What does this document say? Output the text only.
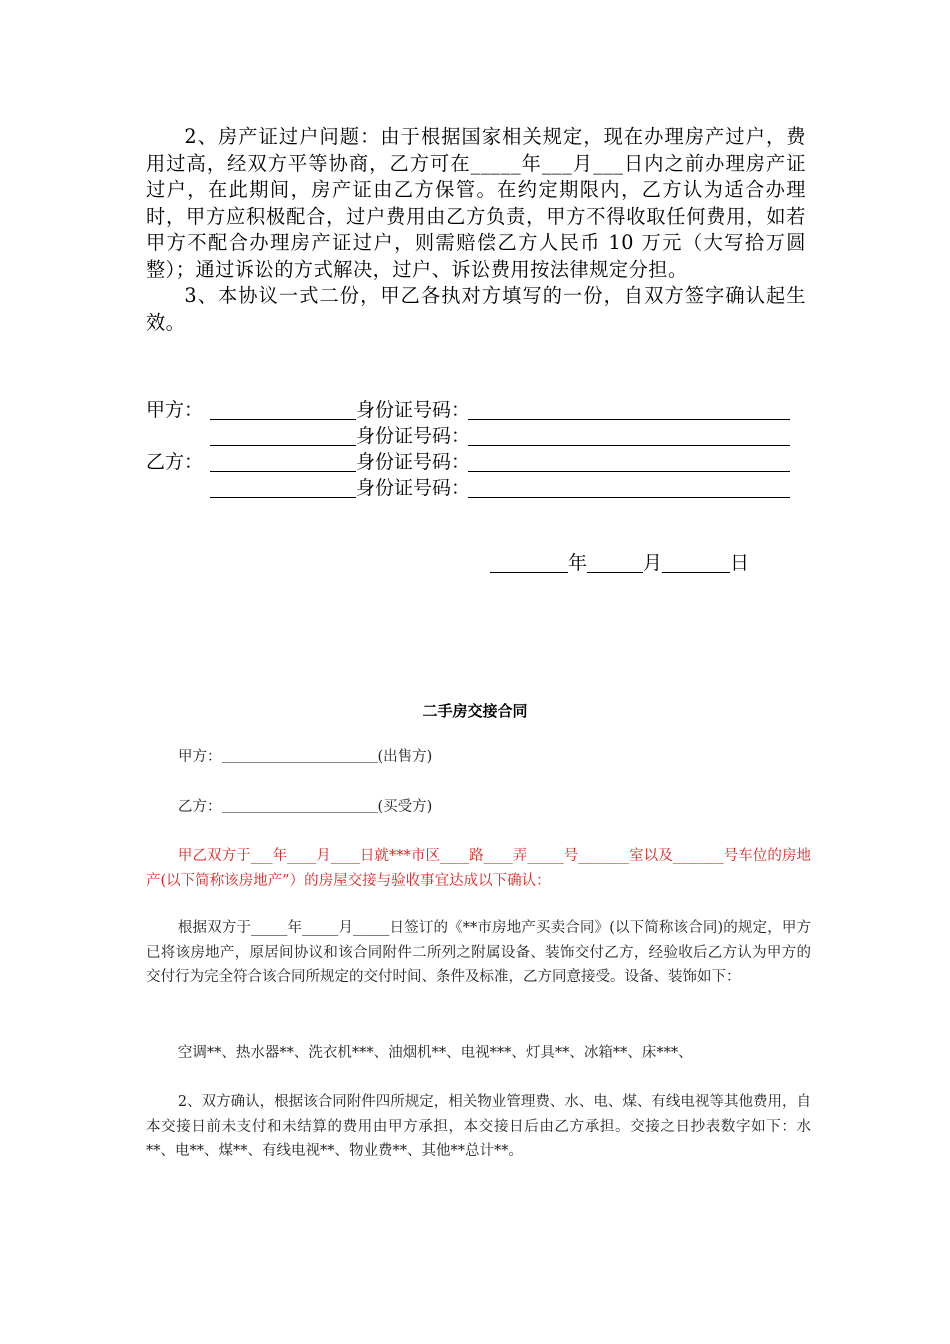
2、房产证过户问题：由于根据国家相关规定，现在办理房产过户，费用过高，经双方平等协商，乙方可在_____年___月___日内之前办理房产证过户，在此期间，房产证由乙方保管。在约定期限内，乙方认为适合办理时，甲方应积极配合，过户费用由乙方负责，甲方不得收取任何费用，如若甲方不配合办理房产证过户，则需赔偿乙方人民币 10 万元（大写拾万圆整）；通过诉讼的方式解决，过户、诉讼费用按法律规定分担。
3、本协议一式二份，甲乙各执对方填写的一份，自双方签字确认起生效。
甲方：	身份证号码：
身份证号码：
乙方：	身份证号码：
身份证号码：
年	月	日
二手房交接合同
甲方：	(出售方)
乙方：	(买受方)
甲乙双方于___年____月____日就***市区____路____弄_____号_______室以及_______号车位的房地产(以下简称该房地产”）的房屋交接与验收事宜达成以下确认：
根据双方于_____年_____月_____日签订的《**市房地产买卖合同》(以下简称该合同)的规定，甲方已将该房地产，原居间协议和该合同附件二所列之附属设备、装饰交付乙方，经验收后乙方认为甲方的交付行为完全符合该合同所规定的交付时间、条件及标准，乙方同意接受。设备、装饰如下：
空调**、热水器**、洗衣机***、油烟机**、电视***、灯具**、冰箱**、床***、
2、双方确认，根据该合同附件四所规定，相关物业管理费、水、电、煤、有线电视等其他费用，自本交接日前未支付和未结算的费用由甲方承担，本交接日后由乙方承担。交接之日抄表数字如下：水**、电**、煤**、有线电视**、物业费**、其他**总计**。
